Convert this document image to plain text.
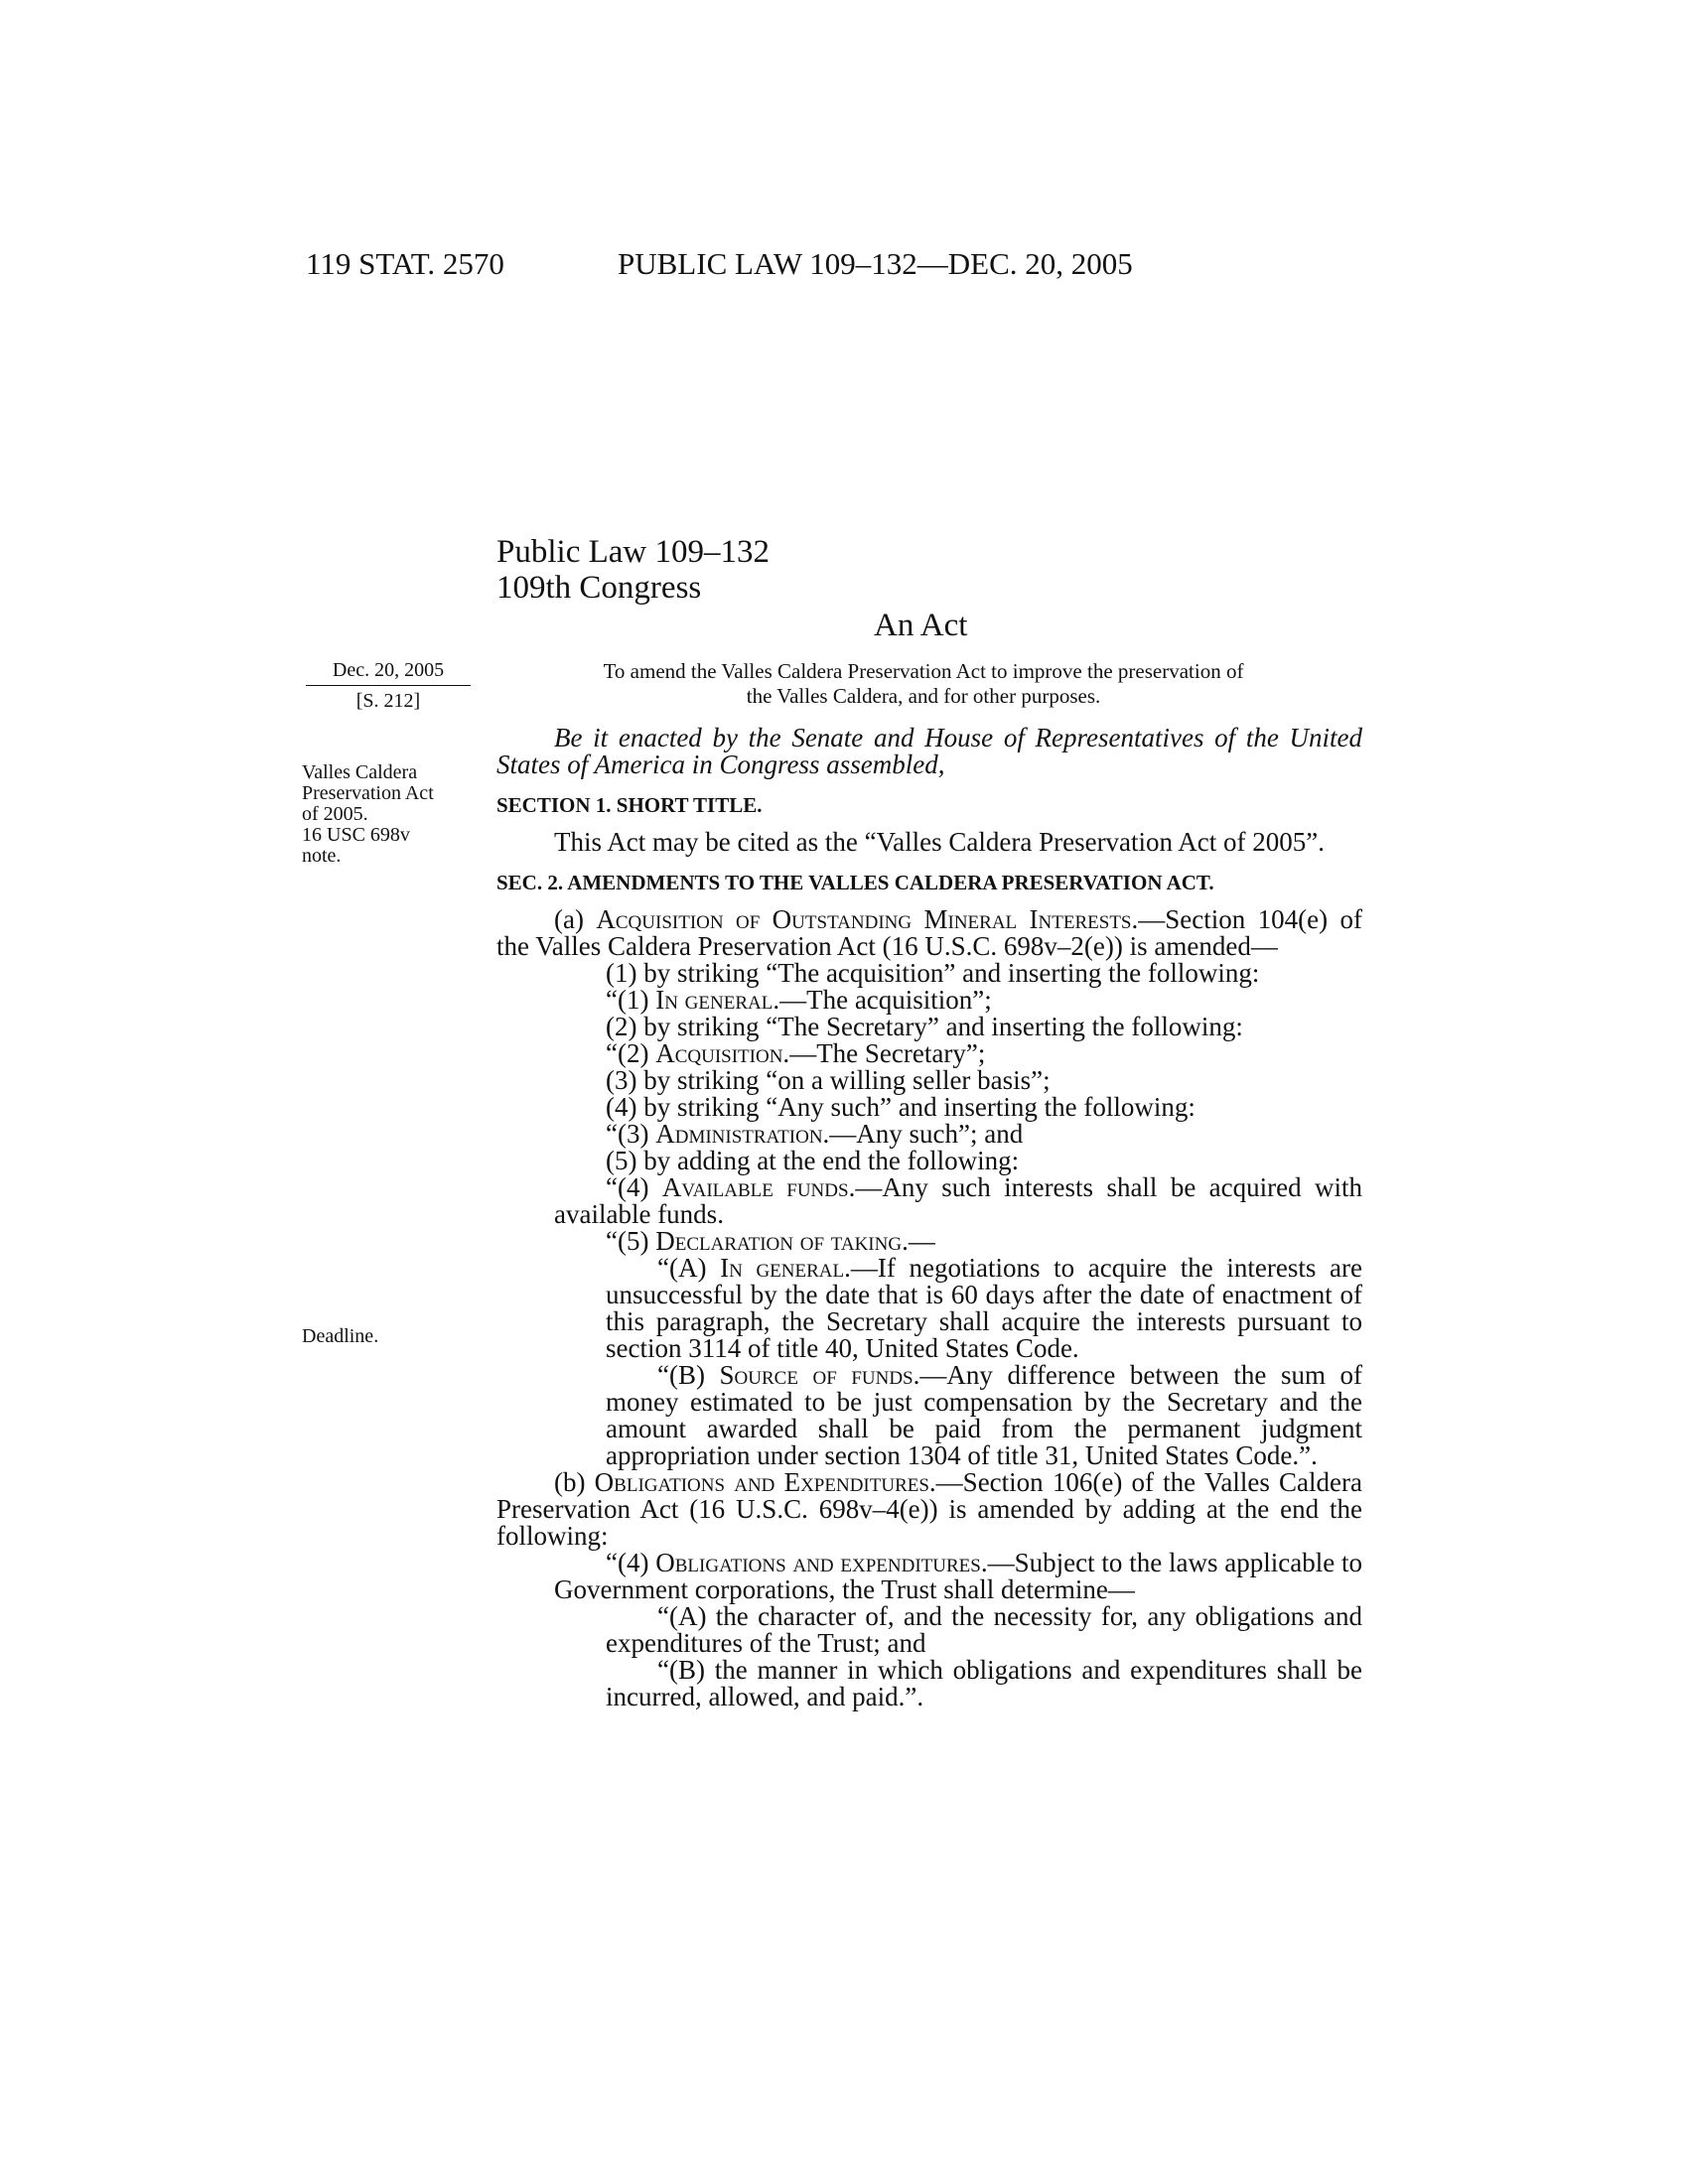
119 STAT. 2570	PUBLIC LAW 109–132—DEC. 20, 2005
Public Law 109–132
109th Congress
An Act
Dec. 20, 2005
[S. 212]
To amend the Valles Caldera Preservation Act to improve the preservation of
the Valles Caldera, and for other purposes.
Valles Caldera
Preservation Act
of 2005.
16 USC 698v
note.
Deadline.

Be it enacted by the Senate and House of Representatives of the United States of America in Congress assembled,

SECTION 1. SHORT TITLE.

This Act may be cited as the “Valles Caldera Preservation Act of 2005”.

SEC. 2. AMENDMENTS TO THE VALLES CALDERA PRESERVATION ACT.

(a) Acquisition of Outstanding Mineral Interests.—Section 104(e) of the Valles Caldera Preservation Act (16 U.S.C. 698v–2(e)) is amended—

(1) by striking “The acquisition” and inserting the following:

“(1) In general.—The acquisition”;

(2) by striking “The Secretary” and inserting the following:

“(2) Acquisition.—The Secretary”;

(3) by striking “on a willing seller basis”;

(4) by striking “Any such” and inserting the following:

“(3) Administration.—Any such”; and

(5) by adding at the end the following:

“(4) Available funds.—Any such interests shall be acquired with available funds.

“(5) Declaration of taking.—

“(A) In general.—If negotiations to acquire the interests are unsuccessful by the date that is 60 days after the date of enactment of this paragraph, the Secretary shall acquire the interests pursuant to section 3114 of title 40, United States Code.

“(B) Source of funds.—Any difference between the sum of money estimated to be just compensation by the Secretary and the amount awarded shall be paid from the permanent judgment appropriation under section 1304 of title 31, United States Code.”.

(b) Obligations and Expenditures.—Section 106(e) of the Valles Caldera Preservation Act (16 U.S.C. 698v–4(e)) is amended by adding at the end the following:

“(4) Obligations and expenditures.—Subject to the laws applicable to Government corporations, the Trust shall determine—

“(A) the character of, and the necessity for, any obligations and expenditures of the Trust; and

“(B) the manner in which obligations and expenditures shall be incurred, allowed, and paid.”.
